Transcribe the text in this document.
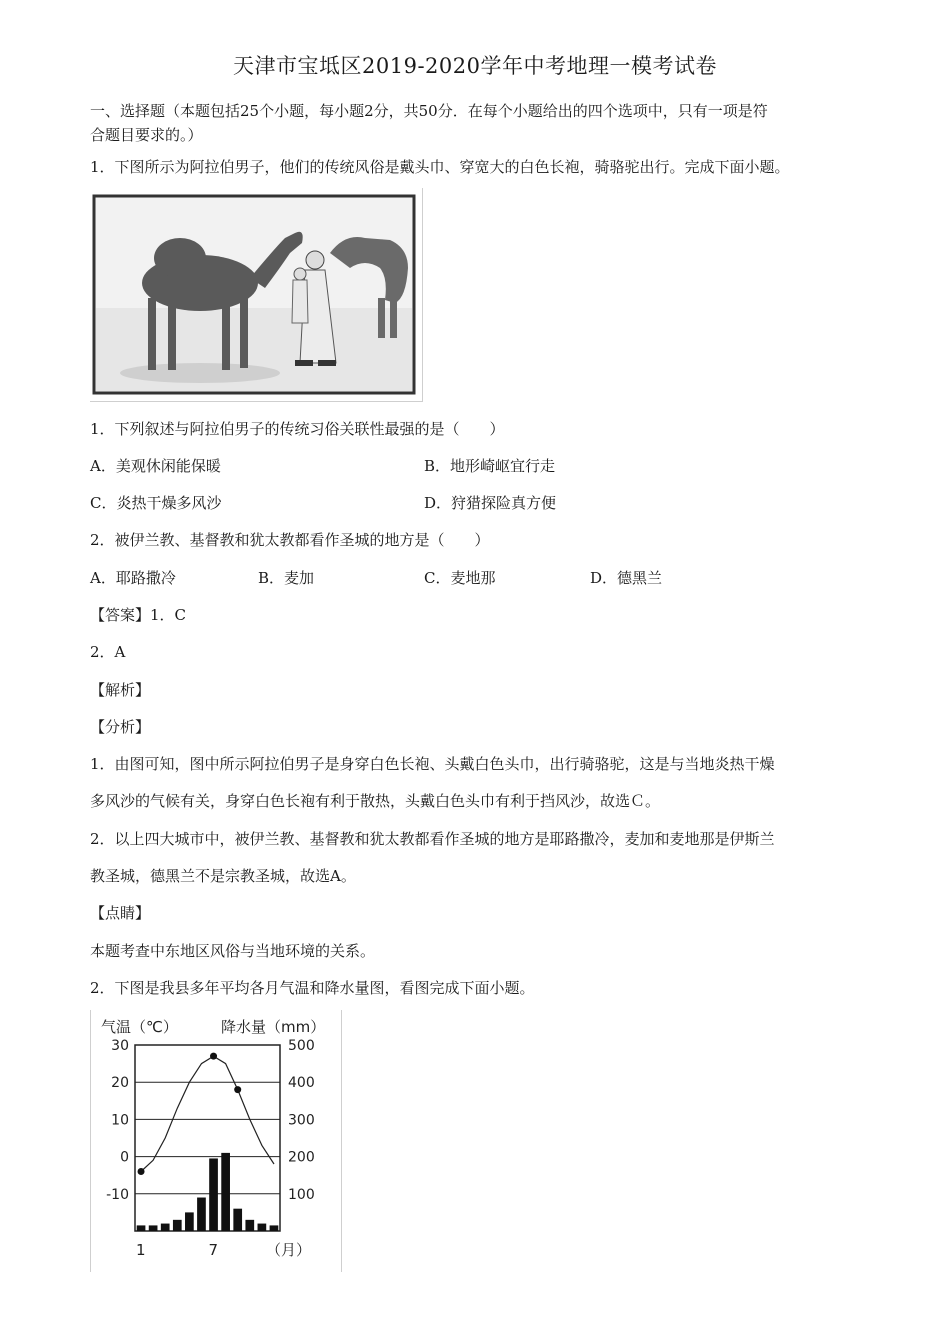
天津市宝坻区2019-2020学年中考地理一模考试卷
一、选择题（本题包括25个小题，每小题2分，共50分．在每个小题给出的四个选项中，只有一项是符
合题目要求的。）
1．下图所示为阿拉伯男子，他们的传统风俗是戴头巾、穿宽大的白色长袍，骑骆驼出行。完成下面小题。
1．下列叙述与阿拉伯男子的传统习俗关联性最强的是（　　）
A．美观休闲能保暖	B．地形崎岖宜行走
C．炎热干燥多风沙	D．狩猎探险真方便
2．被伊兰教、基督教和犹太教都看作圣城的地方是（　　）
A．耶路撒冷	B．麦加	C．麦地那	D．德黑兰
【答案】1．C
2．A
【解析】
【分析】
1．由图可知，图中所示阿拉伯男子是身穿白色长袍、头戴白色头巾，出行骑骆驼，这是与当地炎热干燥
多风沙的气候有关，身穿白色长袍有利于散热，头戴白色头巾有利于挡风沙，故选Ｃ。
2．以上四大城市中，被伊兰教、基督教和犹太教都看作圣城的地方是耶路撒冷，麦加和麦地那是伊斯兰
教圣城，德黑兰不是宗教圣城，故选A。
【点睛】
本题考查中东地区风俗与当地环境的关系。
2．下图是我县多年平均各月气温和降水量图，看图完成下面小题。
气温（℃）	降水量（mm）
30
20
10
0
-10
500
400
300
200
100
1	7	（月）
